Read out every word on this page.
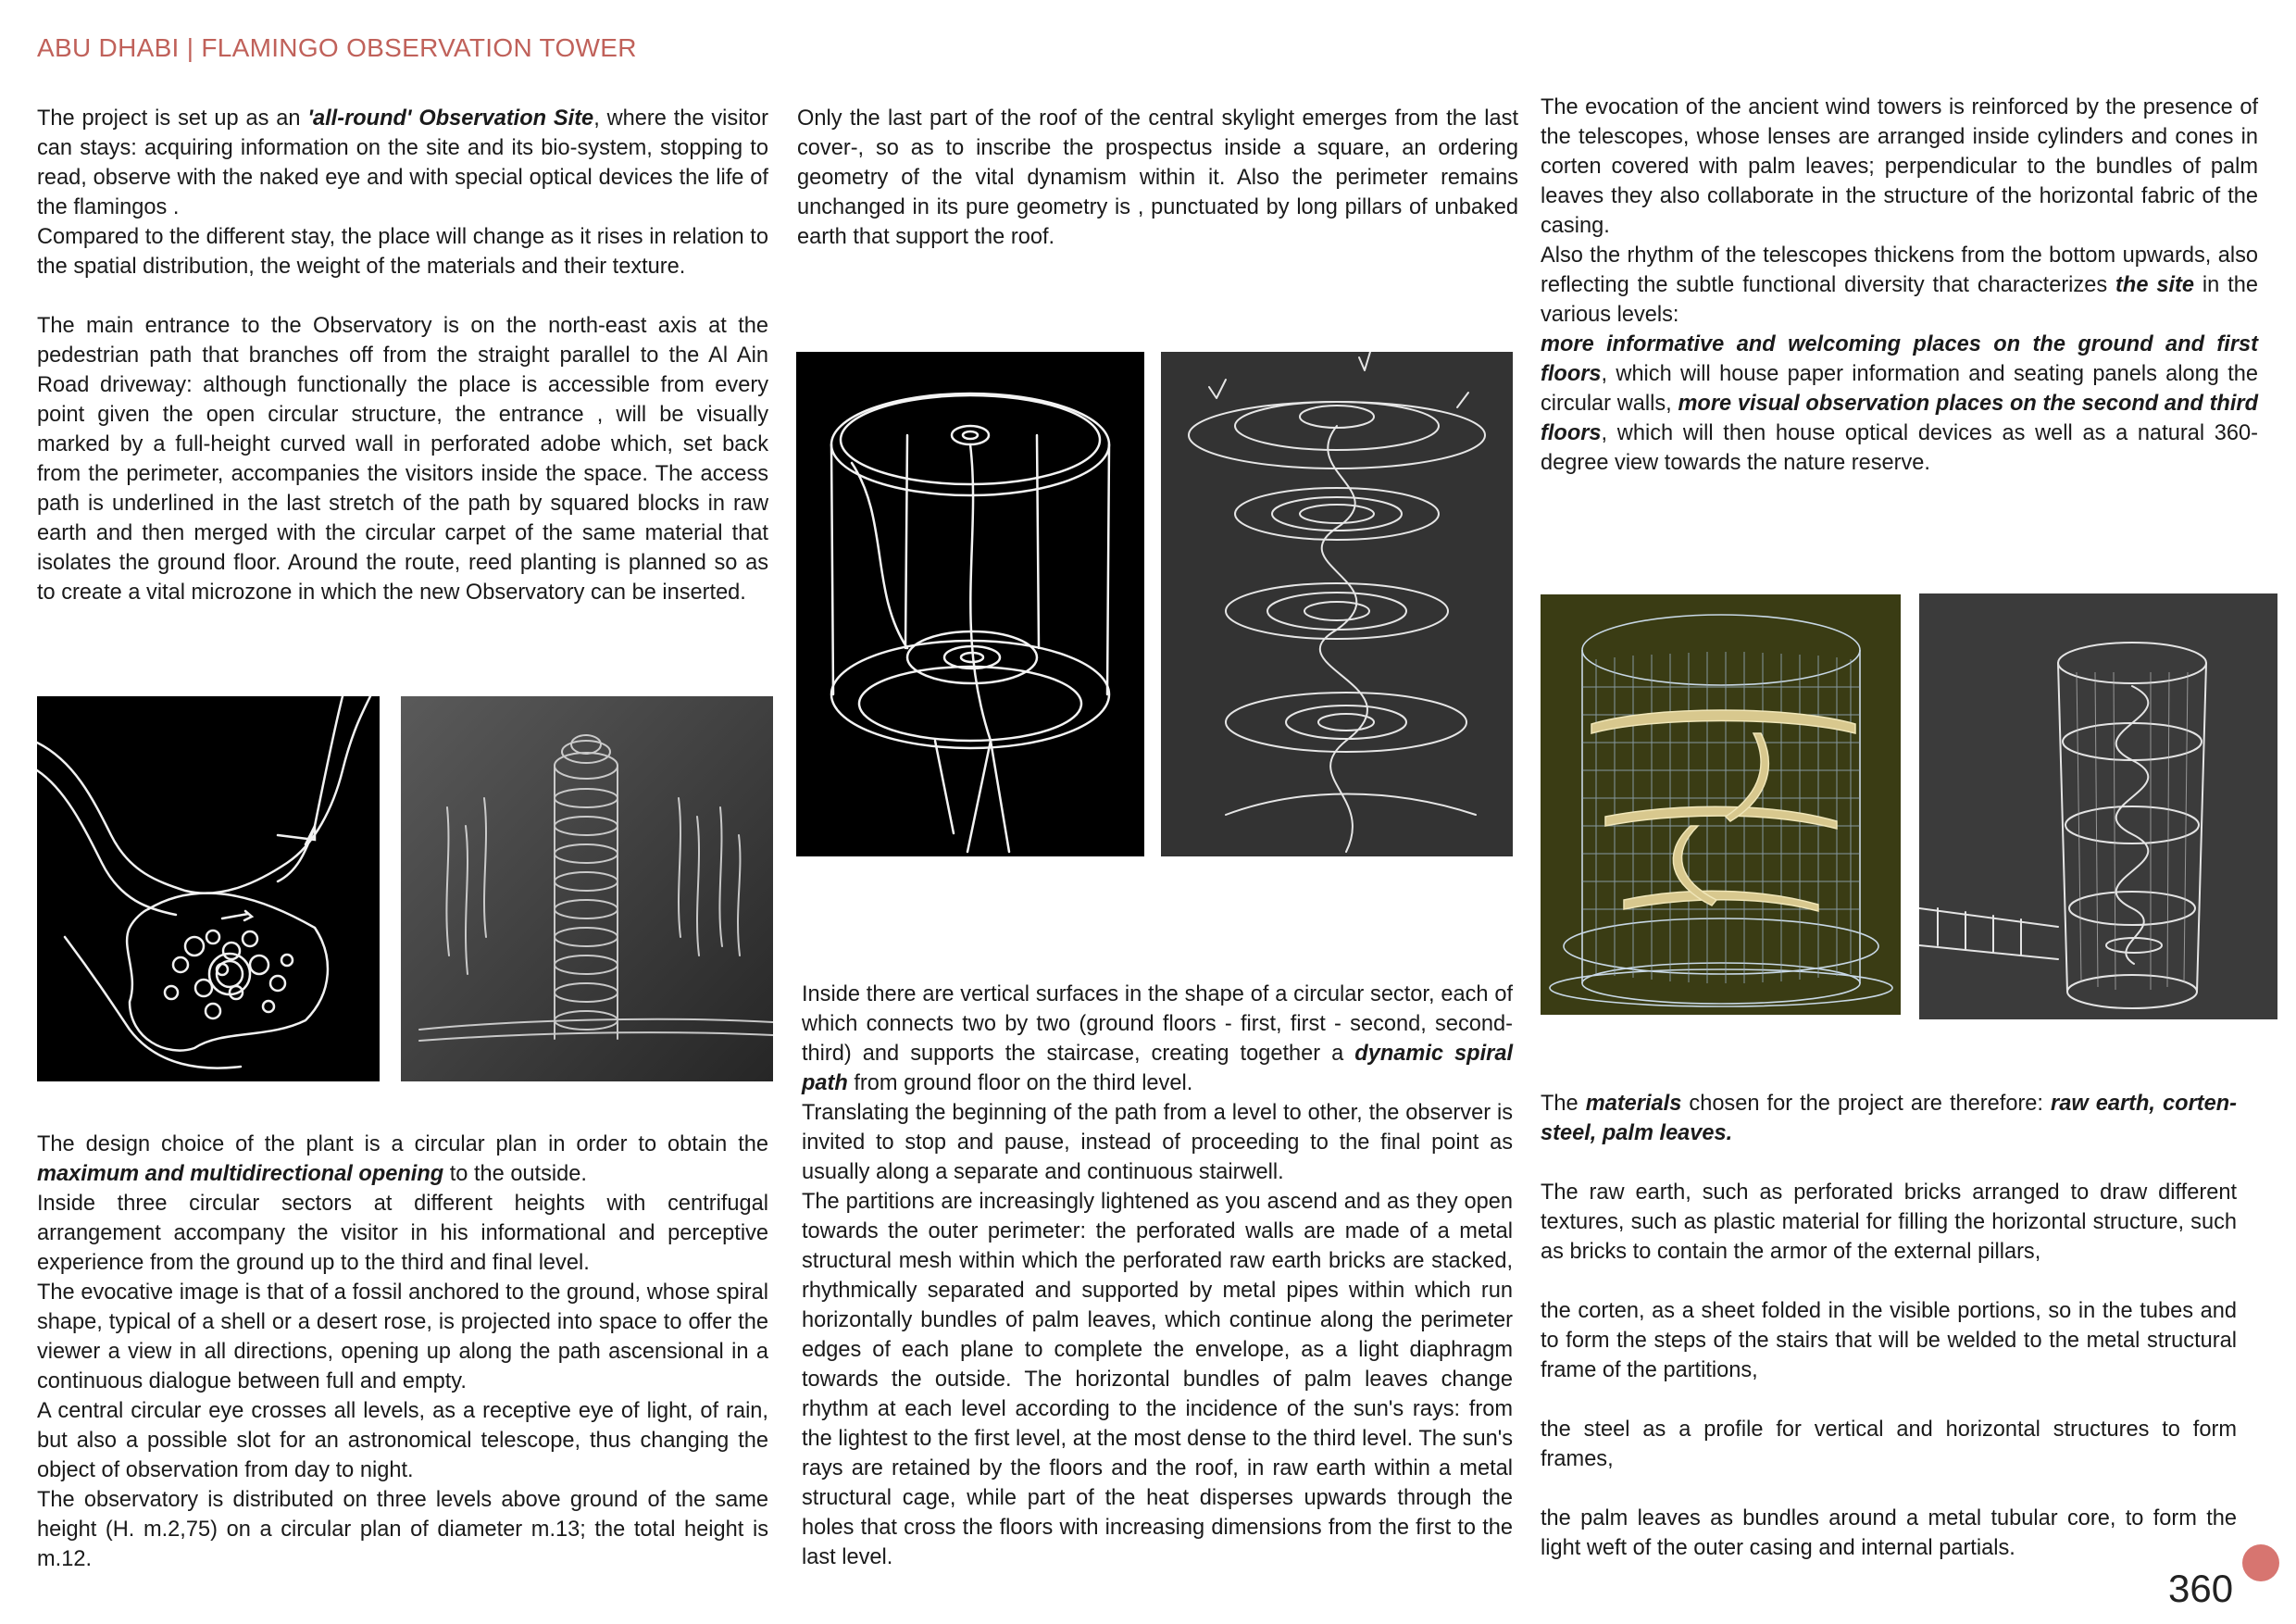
ABU DHABI | FLAMINGO OBSERVATION TOWER

The project is set up as an 'all-round' Observation Site, where the visitor can stays: acquiring information on the site and its bio-system, stopping to read, observe with the naked eye and with special optical devices the life of the flamingos .

Compared to the different stay, the place will change as it rises in relation to the spatial distribution, the weight of the materials and their texture.

The main entrance to the Observatory is on the north-east axis at the pedestrian path that branches off from the straight parallel to the Al Ain Road driveway: although functionally the place is accessible from every point given the open circular structure, the entrance , will be visually marked by a full-height curved wall in perforated adobe which, set back from the perimeter, accompanies the visitors inside the space. The access path is underlined in the last stretch of the path by squared blocks in raw earth and then merged with the circular carpet of the same material that isolates the ground floor. Around the route, reed planting is planned so as to create a vital microzone in which the new Observatory can be inserted.

The design choice of the plant is a circular plan in order to obtain the maximum and multidirectional opening to the outside.

Inside three circular sectors at different heights with centrifugal arrangement accompany the visitor in his informational and perceptive experience from the ground up to the third and final level.

The evocative image is that of a fossil anchored to the ground, whose spiral shape, typical of a shell or a desert rose, is projected into space to offer the viewer a view in all directions, opening up along the path ascensional in a continuous dialogue between full and empty.

A central circular eye crosses all levels, as a receptive eye of light, of rain, but also a possible slot for an astronomical telescope, thus changing the object of observation from day to night.

The observatory is distributed on three levels above ground of the same height (H. m.2,75) on a circular plan of diameter m.13; the total height is m.12.

Only the last part of the roof of the central skylight emerges from the last cover-, so as to inscribe the prospectus inside a square, an ordering geometry of the vital dynamism within it. Also the perimeter remains unchanged in its pure geometry is , punctuated by long pillars of unbaked earth that support the roof.

Inside there are vertical surfaces in the shape of a circular sector, each of which connects two by two (ground floors - first, first - second, second-third) and supports the staircase, creating together a dynamic spiral path from ground floor on the third level.

Translating the beginning of the path from a level to other, the observer is invited to stop and pause, instead of proceeding to the final point as usually along a separate and continuous stairwell.

The partitions are increasingly lightened as you ascend and as they open towards the outer perimeter: the perforated walls are made of a metal structural mesh within which the perforated raw earth bricks are stacked, rhythmically separated and supported by metal pipes within which run horizontally bundles of palm leaves, which continue along the perimeter edges of each plane to complete the envelope, as a light diaphragm towards the outside. The horizontal bundles of palm leaves change rhythm at each level according to the incidence of the sun's rays: from the lightest to the first level, at the most dense to the third level. The sun's rays are retained by the floors and the roof, in raw earth within a metal structural cage, while part of the heat disperses upwards through the holes that cross the floors with increasing dimensions from the first to the last level.

The evocation of the ancient wind towers is reinforced by the presence of the telescopes, whose lenses are arranged inside cylinders and cones in corten covered with palm leaves; perpendicular to the bundles of palm leaves they also collaborate in the structure of the horizontal fabric of the casing.

Also the rhythm of the telescopes thickens from the bottom upwards, also reflecting the subtle functional diversity that characterizes the site in the various levels:

more informative and welcoming places on the ground and first floors, which will house paper information and seating panels along the circular walls, more visual observation places on the second and third floors, which will then house optical devices as well as a natural 360-degree view towards the nature reserve.

The materials chosen for the project are therefore: raw earth, corten- steel, palm leaves.

The raw earth, such as perforated bricks arranged to draw different textures, such as plastic material for filling the horizontal structure, such as bricks to contain the armor of the external pillars,

the corten, as a sheet folded in the visible portions, so in the tubes and to form the steps of the stairs that will be welded to the metal structural frame of the partitions,

the steel as a profile for vertical and horizontal structures to form frames,

the palm leaves as bundles around a metal tubular core, to form the light weft of the outer casing and internal partials.

360
